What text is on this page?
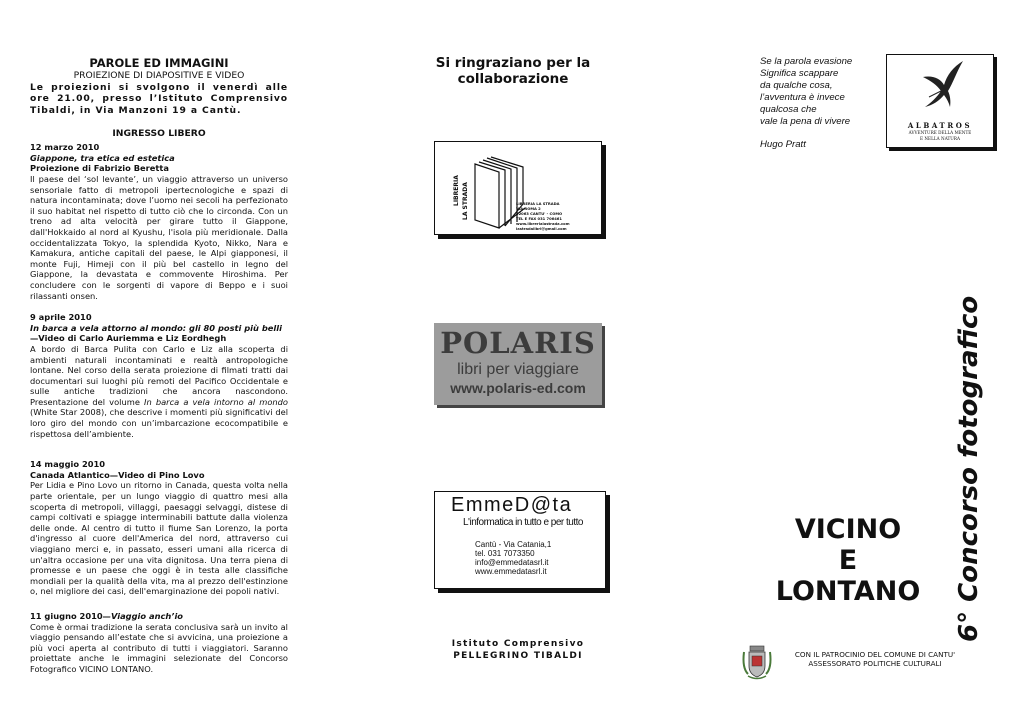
PAROLE ED IMMAGINI
PROIEZIONE DI DIAPOSITIVE E VIDEO
Le proiezioni si svolgono il venerdì alle ore 21.00, presso l’Istituto Comprensivo Tibaldi, in Via Manzoni 19 a Cantù.
INGRESSO LIBERO
12 marzo 2010
Giappone, tra etica ed estetica
Proiezione di Fabrizio Beretta
Il paese del ‘sol levante’, un viaggio attraverso un universo sensoriale fatto di metropoli ipertecnologiche e spazi di natura incontaminata; dove l’uomo nei secoli ha perfezionato il suo habitat nel rispetto di tutto ciò che lo circonda. Con un treno ad alta velocità per girare tutto il Giappone, dall'Hokkaido al nord al Kyushu, l'isola più meridionale. Dalla occidentalizzata Tokyo, la splendida Kyoto, Nikko, Nara e Kamakura, antiche capitali del paese, le Alpi giapponesi, il monte Fuji, Himeji con il più bel castello in legno del Giappone, la devastata e commovente Hiroshima. Per concludere con le sorgenti di vapore di Beppo e i suoi rilassanti onsen.
9 aprile 2010
In barca a vela attorno al mondo: gli 80 posti più belli—Video di Carlo Auriemma e Liz Eordhegh
A bordo di Barca Pulita con Carlo e Liz alla scoperta di ambienti naturali incontaminati e realtà antropologiche lontane. Nel corso della serata proiezione di filmati tratti dai documentari sui luoghi più remoti del Pacifico Occidentale e sulle antiche tradizioni che ancora nascondono. Presentazione del volume In barca a vela intorno al mondo (White Star 2008), che descrive i momenti più significativi del loro giro del mondo con un’imbarcazione ecocompatibile e rispettosa dell’ambiente.
14 maggio 2010
Canada Atlantico—Video di Pino Lovo
Per Lidia e Pino Lovo un ritorno in Canada, questa volta nella parte orientale, per un lungo viaggio di quattro mesi alla scoperta di metropoli, villaggi, paesaggi selvaggi, distese di campi coltivati e spiagge interminabili battute dalla violenza delle onde. Al centro di tutto il fiume San Lorenzo, la porta d'ingresso al cuore dell'America del nord, attraverso cui viaggiano merci e, in passato, esseri umani alla ricerca di un'altra occasione per una vita dignitosa. Una terra piena di promesse e un paese che oggi è in testa alle classifiche mondiali per la qualità della vita, ma al prezzo dell'estinzione o, nel migliore dei casi, dell'emarginazione dei popoli nativi.
11 giugno 2010—Viaggio anch’io
Come è ormai tradizione la serata conclusiva sarà un invito al viaggio pensando all’estate che si avvicina, una proiezione a più voci aperta al contributo di tutti i viaggiatori. Saranno proiettate anche le immagini selezionate del Concorso Fotografico VICINO LONTANO.
Si ringraziano per la collaborazione
LIBRERIA LA STRADA	LIBRERIA LA STRADA
VIA ROMA 2
22063 CANTU' - COMO
TEL E FAX 031 706461
www.librerialastrada.com
lastradalibri@gmail.com
POLARIS
libri per viaggiare
www.polaris-ed.com
EmmeD@ta
L'informatica in tutto e per tutto
Cantù - Via Catania,1
tel. 031 7073350
info@emmedatasrl.it
www.emmedatasrl.it
Istituto Comprensivo
PELLEGRINO TIBALDI
Se la parola evasione
Significa scappare
da qualche cosa,
l’avventura è invece
qualcosa che
vale la pena di vivere
Hugo Pratt
ALBATROS
AVVENTURE DELLA MENTE
E NELLA NATURA
6° Concorso fotografico
VICINO
E
LONTANO
CON IL PATROCINIO DEL COMUNE DI CANTU'
ASSESSORATO POLITICHE CULTURALI
